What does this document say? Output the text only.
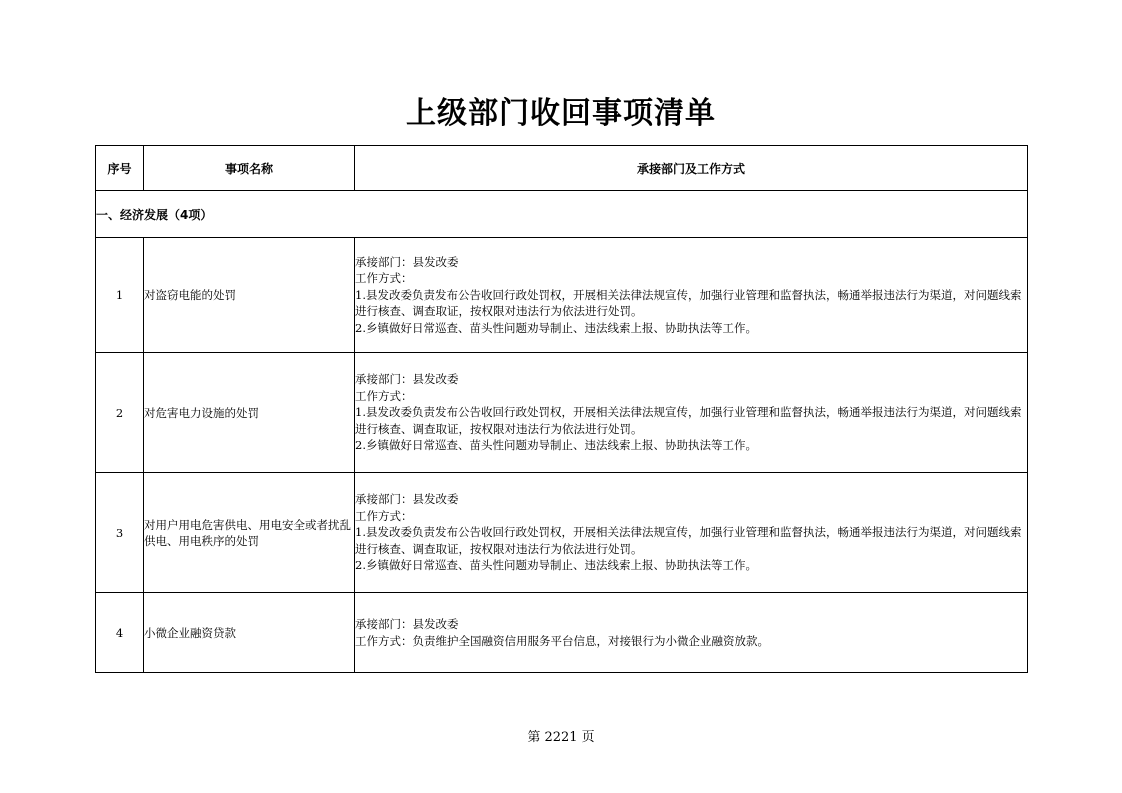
上级部门收回事项清单
序号	事项名称	承接部门及工作方式
一、经济发展（4项）		
1	对盗窃电能的处罚	承接部门：县发改委
工作方式：
1.县发改委负责发布公告收回行政处罚权，开展相关法律法规宣传，加强行业管理和监督执法，畅通举报违法行为渠道，对问题线索进行核查、调查取证，按权限对违法行为依法进行处罚。
2.乡镇做好日常巡查、苗头性问题劝导制止、违法线索上报、协助执法等工作。

2	对危害电力设施的处罚	承接部门：县发改委
工作方式：
1.县发改委负责发布公告收回行政处罚权，开展相关法律法规宣传，加强行业管理和监督执法，畅通举报违法行为渠道，对问题线索进行核查、调查取证，按权限对违法行为依法进行处罚。
2.乡镇做好日常巡查、苗头性问题劝导制止、违法线索上报、协助执法等工作。

3	对用户用电危害供电、用电安全或者扰乱供电、用电秩序的处罚	承接部门：县发改委
工作方式：
1.县发改委负责发布公告收回行政处罚权，开展相关法律法规宣传，加强行业管理和监督执法，畅通举报违法行为渠道，对问题线索进行核查、调查取证，按权限对违法行为依法进行处罚。
2.乡镇做好日常巡查、苗头性问题劝导制止、违法线索上报、协助执法等工作。

4	小微企业融资贷款	承接部门：县发改委
工作方式：负责维护全国融资信用服务平台信息，对接银行为小微企业融资放款。
第 2221 页
